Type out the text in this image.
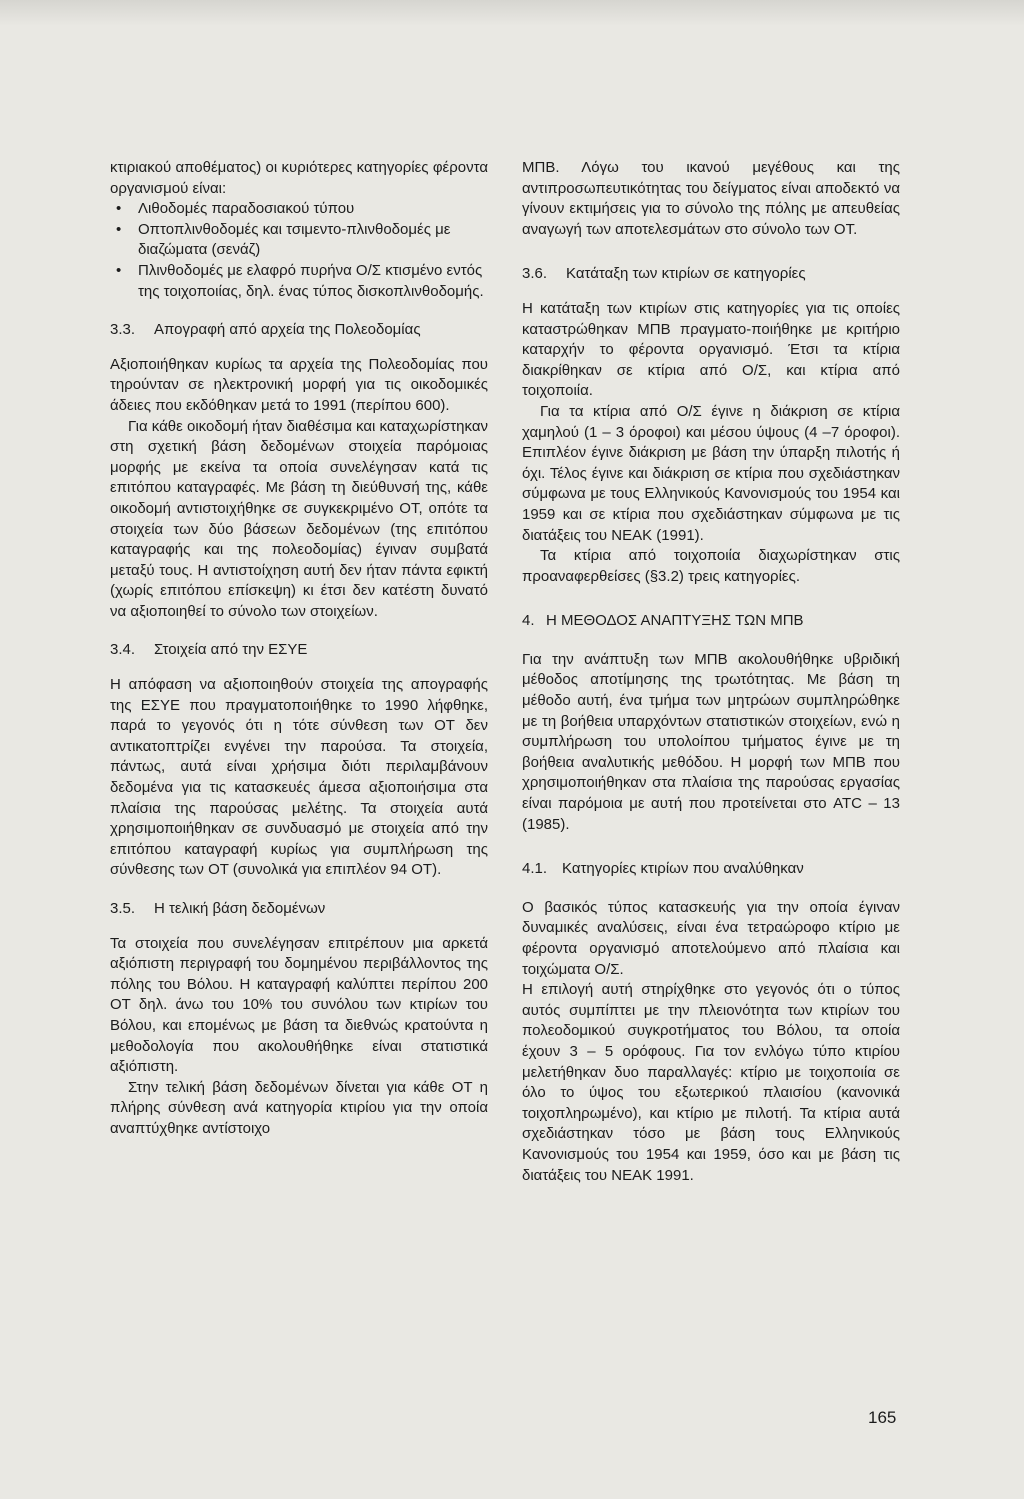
κτιριακού αποθέματος) οι κυριότερες κατηγορίες φέροντα οργανισμού είναι:

• Λιθοδομές παραδοσιακού τύπου
• Οπτοπλινθοδομές και τσιμεντο-πλινθοδομές με διαζώματα (σενάζ)
• Πλινθοδομές με ελαφρό πυρήνα Ο/Σ κτισμένο εντός της τοιχοποιίας, δηλ. ένας τύπος δισκοπλινθοδομής.
3.3. Απογραφή από αρχεία της Πολεοδομίας

Αξιοποιήθηκαν κυρίως τα αρχεία της Πολεοδομίας που τηρούνταν σε ηλεκτρονική μορφή για τις οικοδομικές άδειες που εκδόθηκαν μετά το 1991 (περίπου 600).

Για κάθε οικοδομή ήταν διαθέσιμα και καταχωρίστηκαν στη σχετική βάση δεδομένων στοιχεία παρόμοιας μορφής με εκείνα τα οποία συνελέγησαν κατά τις επιτόπου καταγραφές. Με βάση τη διεύθυνσή της, κάθε οικοδομή αντιστοιχήθηκε σε συγκεκριμένο ΟΤ, οπότε τα στοιχεία των δύο βάσεων δεδομένων (της επιτόπου καταγραφής και της πολεοδομίας) έγιναν συμβατά μεταξύ τους. Η αντιστοίχηση αυτή δεν ήταν πάντα εφικτή (χωρίς επιτόπου επίσκεψη) κι έτσι δεν κατέστη δυνατό να αξιοποιηθεί το σύνολο των στοιχείων.

3.4. Στοιχεία από την ΕΣΥΕ

Η απόφαση να αξιοποιηθούν στοιχεία της απογραφής της ΕΣΥΕ που πραγματοποιήθηκε το 1990 λήφθηκε, παρά το γεγονός ότι η τότε σύνθεση των ΟΤ δεν αντικατοπτρίζει ενγένει την παρούσα. Τα στοιχεία, πάντως, αυτά είναι χρήσιμα διότι περιλαμβάνουν δεδομένα για τις κατασκευές άμεσα αξιοποιήσιμα στα πλαίσια της παρούσας μελέτης. Τα στοιχεία αυτά χρησιμοποιήθηκαν σε συνδυασμό με στοιχεία από την επιτόπου καταγραφή κυρίως για συμπλήρωση της σύνθεσης των ΟΤ (συνολικά για επιπλέον 94 ΟΤ).

3.5. Η τελική βάση δεδομένων

Τα στοιχεία που συνελέγησαν επιτρέπουν μια αρκετά αξιόπιστη περιγραφή του δομημένου περιβάλλοντος της πόλης του Βόλου. Η καταγραφή καλύπτει περίπου 200 ΟΤ δηλ. άνω του 10% του συνόλου των κτιρίων του Βόλου, και επομένως με βάση τα διεθνώς κρατούντα η μεθοδολογία που ακολουθήθηκε είναι στατιστικά αξιόπιστη.

Στην τελική βάση δεδομένων δίνεται για κάθε ΟΤ η πλήρης σύνθεση ανά κατηγορία κτιρίου για την οποία αναπτύχθηκε αντίστοιχο

ΜΠΒ. Λόγω του ικανού μεγέθους και της αντιπροσωπευτικότητας του δείγματος είναι αποδεκτό να γίνουν εκτιμήσεις για το σύνολο της πόλης με απευθείας αναγωγή των αποτελεσμάτων στο σύνολο των ΟΤ.

3.6. Κατάταξη των κτιρίων σε κατηγορίες

Η κατάταξη των κτιρίων στις κατηγορίες για τις οποίες καταστρώθηκαν ΜΠΒ πραγματο-ποιήθηκε με κριτήριο καταρχήν το φέροντα οργανισμό. Έτσι τα κτίρια διακρίθηκαν σε κτίρια από Ο/Σ, και κτίρια από τοιχοποιία.

Για τα κτίρια από Ο/Σ έγινε η διάκριση σε κτίρια χαμηλού (1 – 3 όροφοι) και μέσου ύψους (4 –7 όροφοι). Επιπλέον έγινε διάκριση με βάση την ύπαρξη πιλοτής ή όχι. Τέλος έγινε και διάκριση σε κτίρια που σχεδιάστηκαν σύμφωνα με τους Ελληνικούς Κανονισμούς του 1954 και 1959 και σε κτίρια που σχεδιάστηκαν σύμφωνα με τις διατάξεις του ΝΕΑΚ (1991).

Τα κτίρια από τοιχοποιία διαχωρίστηκαν στις προαναφερθείσες (§3.2) τρεις κατηγορίες.

4. Η ΜΕΘΟΔΟΣ ΑΝΑΠΤΥΞΗΣ ΤΩΝ ΜΠΒ

Για την ανάπτυξη των ΜΠΒ ακολουθήθηκε υβριδική μέθοδος αποτίμησης της τρωτότητας. Με βάση τη μέθοδο αυτή, ένα τμήμα των μητρώων συμπληρώθηκε με τη βοήθεια υπαρχόντων στατιστικών στοιχείων, ενώ η συμπλήρωση του υπολοίπου τμήματος έγινε με τη βοήθεια αναλυτικής μεθόδου. Η μορφή των ΜΠΒ που χρησιμοποιήθηκαν στα πλαίσια της παρούσας εργασίας είναι παρόμοια με αυτή που προτείνεται στο ATC – 13 (1985).

4.1. Κατηγορίες κτιρίων που αναλύθηκαν

Ο βασικός τύπος κατασκευής για την οποία έγιναν δυναμικές αναλύσεις, είναι ένα τετραώροφο κτίριο με φέροντα οργανισμό αποτελούμενο από πλαίσια και τοιχώματα Ο/Σ.

Η επιλογή αυτή στηρίχθηκε στο γεγονός ότι ο τύπος αυτός συμπίπτει με την πλειονότητα των κτιρίων του πολεοδομικού συγκροτήματος του Βόλου, τα οποία έχουν 3 – 5 ορόφους. Για τον ενλόγω τύπο κτιρίου μελετήθηκαν δυο παραλλαγές: κτίριο με τοιχοποιία σε όλο το ύψος του εξωτερικού πλαισίου (κανονικά τοιχοπληρωμένο), και κτίριο με πιλοτή. Τα κτίρια αυτά σχεδιάστηκαν τόσο με βάση τους Ελληνικούς Κανονισμούς του 1954 και 1959, όσο και με βάση τις διατάξεις του ΝΕΑΚ 1991.

165
